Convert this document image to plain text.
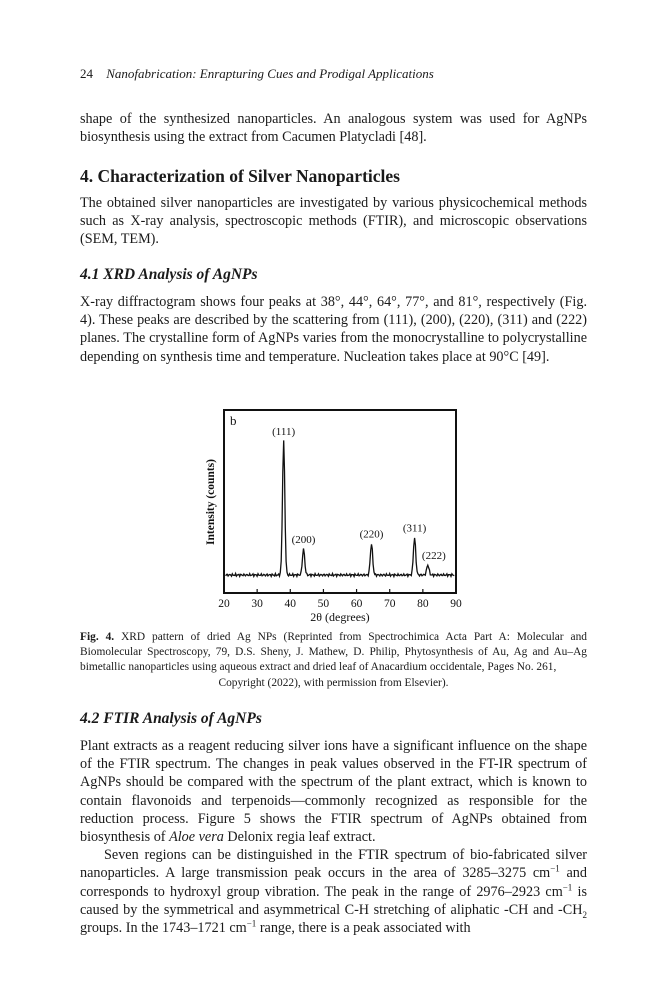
24 Nanofabrication: Enrapturing Cues and Prodigal Applications

shape of the synthesized nanoparticles. An analogous system was used for AgNPs biosynthesis using the extract from Cacumen Platycladi [48].

4. Characterization of Silver Nanoparticles

The obtained silver nanoparticles are investigated by various physicochemical methods such as X-ray analysis, spectroscopic methods (FTIR), and microscopic observations (SEM, TEM).

4.1 XRD Analysis of AgNPs

X-ray diffractogram shows four peaks at 38°, 44°, 64°, 77°, and 81°, respectively (Fig. 4). These peaks are described by the scattering from (111), (200), (220), (311) and (222) planes. The crystalline form of AgNPs varies from the monocrystalline to polycrystalline depending on synthesis time and temperature. Nucleation takes place at 90°C [49].

Fig. 4. XRD pattern of dried Ag NPs (Reprinted from Spectrochimica Acta Part A: Molecular and Biomolecular Spectroscopy, 79, D.S. Sheny, J. Mathew, D. Philip, Phytosynthesis of Au, Ag and Au–Ag bimetallic nanoparticles using aqueous extract and dried leaf of Anacardium occidentale, Pages No. 261,
Copyright (2022), with permission from Elsevier).

4.2 FTIR Analysis of AgNPs

Plant extracts as a reagent reducing silver ions have a significant influence on the shape of the FTIR spectrum. The changes in peak values observed in the FT-IR spectrum of AgNPs should be compared with the spectrum of the plant extract, which is known to contain flavonoids and terpenoids—commonly recognized as responsible for the reduction process. Figure 5 shows the FTIR spectrum of AgNPs obtained from biosynthesis of Aloe vera Delonix regia leaf extract.

Seven regions can be distinguished in the FTIR spectrum of bio-fabricated silver nanoparticles. A large transmission peak occurs in the area of 3285–3275 $cm^{-1}$ and corresponds to hydroxyl group vibration. The peak in the range of 2976–2923 $cm^{-1}$ is caused by the symmetrical and asymmetrical C-H stretching of aliphatic -CH and $-CH_2$ groups. In the 1743–1721 $cm^{-1}$ range, there is a peak associated with

b
(111)
(200)	(220) (311)
(222)
20 30 40 50 60 70 80 90
Intensity (counts)
2θ (degrees)
